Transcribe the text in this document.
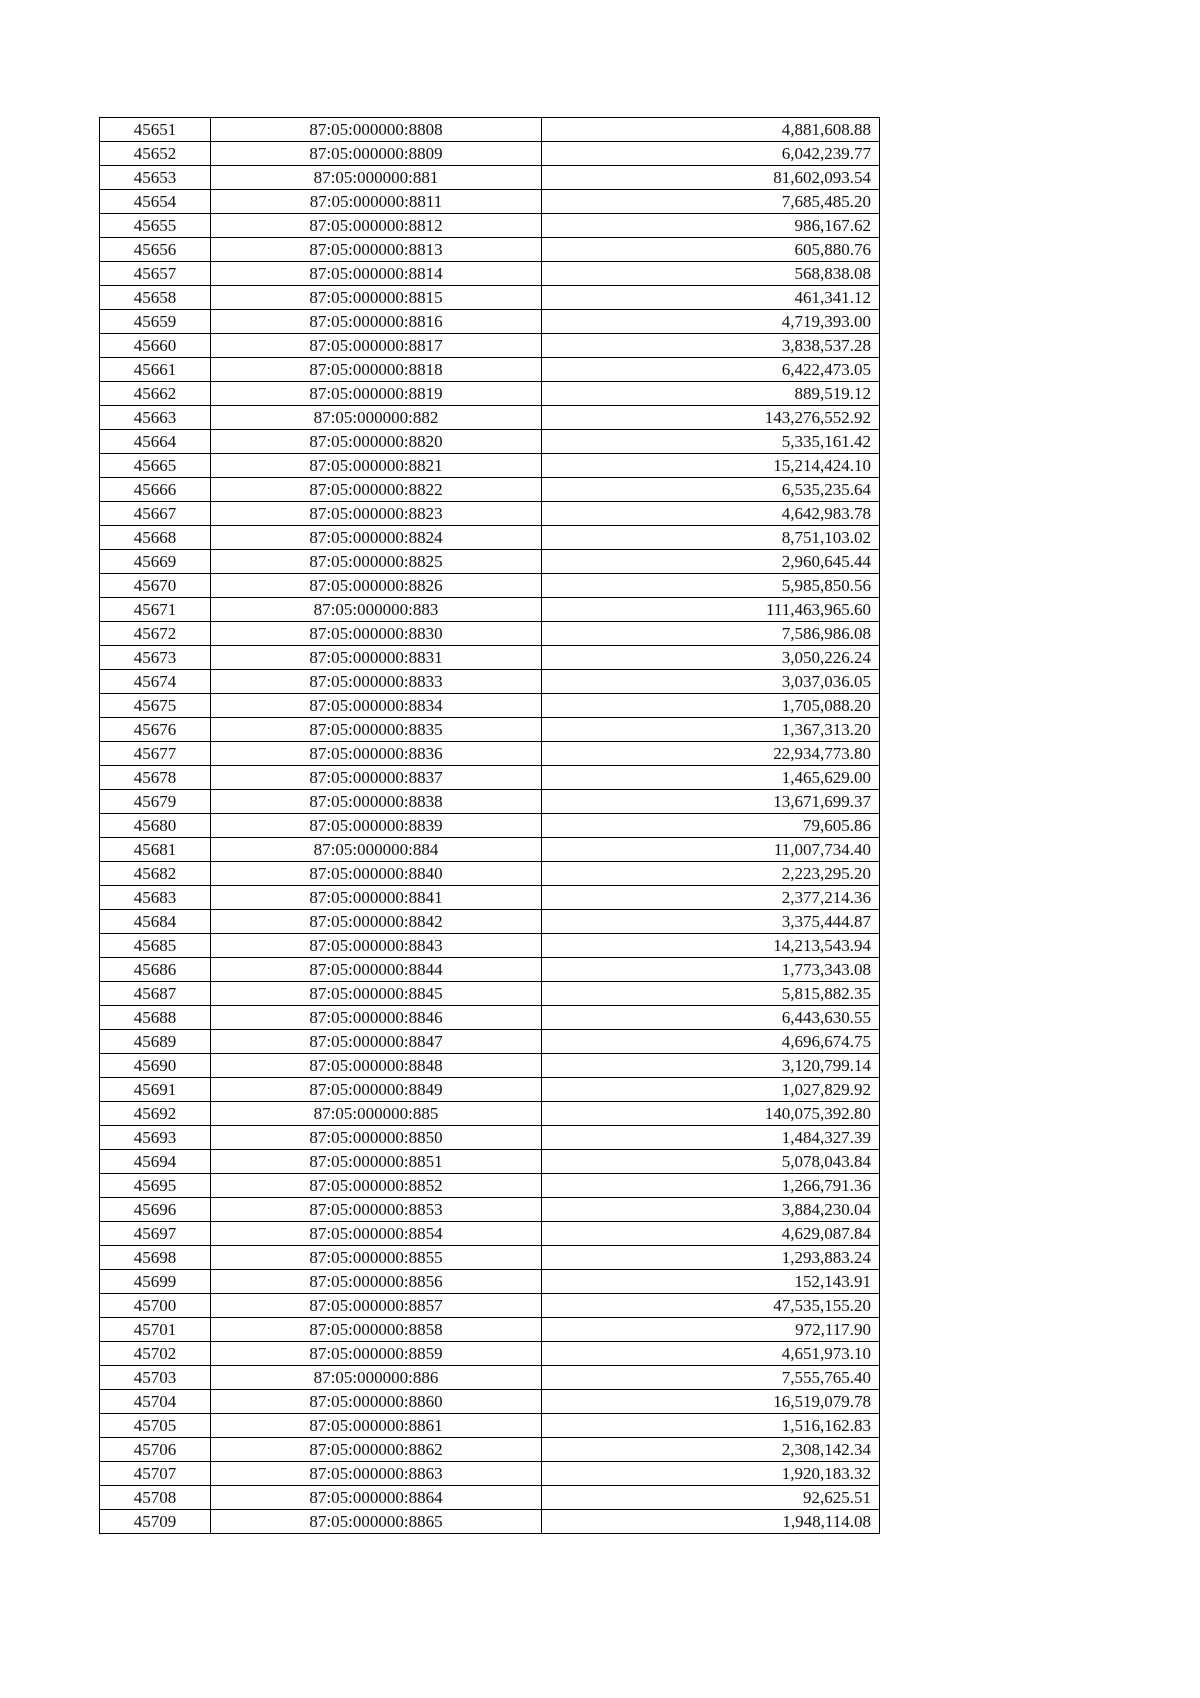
45651	87:05:000000:8808	4,881,608.88
45652	87:05:000000:8809	6,042,239.77
45653	87:05:000000:881	81,602,093.54
45654	87:05:000000:8811	7,685,485.20
45655	87:05:000000:8812	986,167.62
45656	87:05:000000:8813	605,880.76
45657	87:05:000000:8814	568,838.08
45658	87:05:000000:8815	461,341.12
45659	87:05:000000:8816	4,719,393.00
45660	87:05:000000:8817	3,838,537.28
45661	87:05:000000:8818	6,422,473.05
45662	87:05:000000:8819	889,519.12
45663	87:05:000000:882	143,276,552.92
45664	87:05:000000:8820	5,335,161.42
45665	87:05:000000:8821	15,214,424.10
45666	87:05:000000:8822	6,535,235.64
45667	87:05:000000:8823	4,642,983.78
45668	87:05:000000:8824	8,751,103.02
45669	87:05:000000:8825	2,960,645.44
45670	87:05:000000:8826	5,985,850.56
45671	87:05:000000:883	111,463,965.60
45672	87:05:000000:8830	7,586,986.08
45673	87:05:000000:8831	3,050,226.24
45674	87:05:000000:8833	3,037,036.05
45675	87:05:000000:8834	1,705,088.20
45676	87:05:000000:8835	1,367,313.20
45677	87:05:000000:8836	22,934,773.80
45678	87:05:000000:8837	1,465,629.00
45679	87:05:000000:8838	13,671,699.37
45680	87:05:000000:8839	79,605.86
45681	87:05:000000:884	11,007,734.40
45682	87:05:000000:8840	2,223,295.20
45683	87:05:000000:8841	2,377,214.36
45684	87:05:000000:8842	3,375,444.87
45685	87:05:000000:8843	14,213,543.94
45686	87:05:000000:8844	1,773,343.08
45687	87:05:000000:8845	5,815,882.35
45688	87:05:000000:8846	6,443,630.55
45689	87:05:000000:8847	4,696,674.75
45690	87:05:000000:8848	3,120,799.14
45691	87:05:000000:8849	1,027,829.92
45692	87:05:000000:885	140,075,392.80
45693	87:05:000000:8850	1,484,327.39
45694	87:05:000000:8851	5,078,043.84
45695	87:05:000000:8852	1,266,791.36
45696	87:05:000000:8853	3,884,230.04
45697	87:05:000000:8854	4,629,087.84
45698	87:05:000000:8855	1,293,883.24
45699	87:05:000000:8856	152,143.91
45700	87:05:000000:8857	47,535,155.20
45701	87:05:000000:8858	972,117.90
45702	87:05:000000:8859	4,651,973.10
45703	87:05:000000:886	7,555,765.40
45704	87:05:000000:8860	16,519,079.78
45705	87:05:000000:8861	1,516,162.83
45706	87:05:000000:8862	2,308,142.34
45707	87:05:000000:8863	1,920,183.32
45708	87:05:000000:8864	92,625.51
45709	87:05:000000:8865	1,948,114.08
